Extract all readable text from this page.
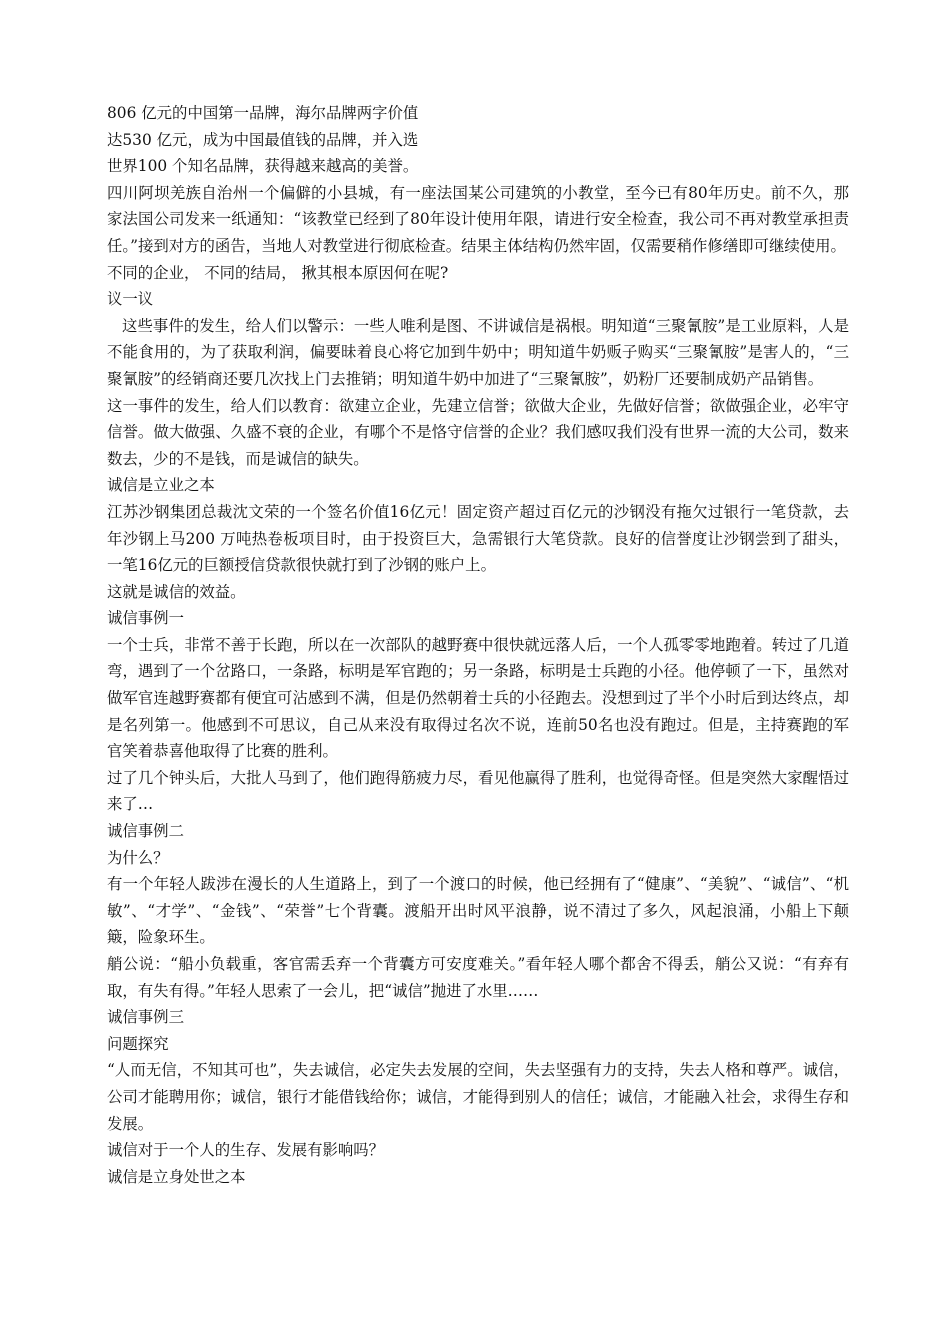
806 亿元的中国第一品牌，海尔品牌两字价值

达530 亿元，成为中国最值钱的品牌，并入选

世界100 个知名品牌，获得越来越高的美誉。

四川阿坝羌族自治州一个偏僻的小县城，有一座法国某公司建筑的小教堂，至今已有80年历史。前不久，那家法国公司发来一纸通知：“该教堂已经到了80年设计使用年限，请进行安全检查，我公司不再对教堂承担责任。”接到对方的函告，当地人对教堂进行彻底检查。结果主体结构仍然牢固，仅需要稍作修缮即可继续使用。

不同的企业， 不同的结局， 揪其根本原因何在呢?

议一议

这些事件的发生，给人们以警示：一些人唯利是图、不讲诚信是祸根。明知道“三聚氰胺”是工业原料，人是不能食用的，为了获取利润，偏要昧着良心将它加到牛奶中；明知道牛奶贩子购买“三聚氰胺”是害人的，“三聚氰胺”的经销商还要几次找上门去推销；明知道牛奶中加进了“三聚氰胺”，奶粉厂还要制成奶产品销售。

这一事件的发生，给人们以教育：欲建立企业，先建立信誉；欲做大企业，先做好信誉；欲做强企业，必牢守信誉。做大做强、久盛不衰的企业，有哪个不是恪守信誉的企业？我们感叹我们没有世界一流的大公司，数来数去，少的不是钱，而是诚信的缺失。

诚信是立业之本

江苏沙钢集团总裁沈文荣的一个签名价值16亿元！固定资产超过百亿元的沙钢没有拖欠过银行一笔贷款，去年沙钢上马200 万吨热卷板项目时，由于投资巨大，急需银行大笔贷款。良好的信誉度让沙钢尝到了甜头，一笔16亿元的巨额授信贷款很快就打到了沙钢的账户上。

这就是诚信的效益。

诚信事例一

一个士兵，非常不善于长跑，所以在一次部队的越野赛中很快就远落人后，一个人孤零零地跑着。转过了几道弯，遇到了一个岔路口，一条路，标明是军官跑的；另一条路，标明是士兵跑的小径。他停顿了一下，虽然对做军官连越野赛都有便宜可沾感到不满，但是仍然朝着士兵的小径跑去。没想到过了半个小时后到达终点，却是名列第一。他感到不可思议，自己从来没有取得过名次不说，连前50名也没有跑过。但是，主持赛跑的军官笑着恭喜他取得了比赛的胜利。

过了几个钟头后，大批人马到了，他们跑得筋疲力尽，看见他赢得了胜利，也觉得奇怪。但是突然大家醒悟过来了…

诚信事例二

为什么？

有一个年轻人跋涉在漫长的人生道路上，到了一个渡口的时候，他已经拥有了“健康”、“美貌”、“诚信”、“机敏”、“才学”、“金钱”、“荣誉”七个背囊。渡船开出时风平浪静，说不清过了多久，风起浪涌，小船上下颠簸，险象环生。

艄公说：“船小负载重，客官需丢弃一个背囊方可安度难关。”看年轻人哪个都舍不得丢，艄公又说：“有弃有取，有失有得。”年轻人思索了一会儿，把“诚信”抛进了水里……

诚信事例三

问题探究

“人而无信，不知其可也”，失去诚信，必定失去发展的空间，失去坚强有力的支持，失去人格和尊严。诚信，公司才能聘用你；诚信，银行才能借钱给你；诚信，才能得到别人的信任；诚信，才能融入社会，求得生存和发展。

诚信对于一个人的生存、发展有影响吗？

诚信是立身处世之本
